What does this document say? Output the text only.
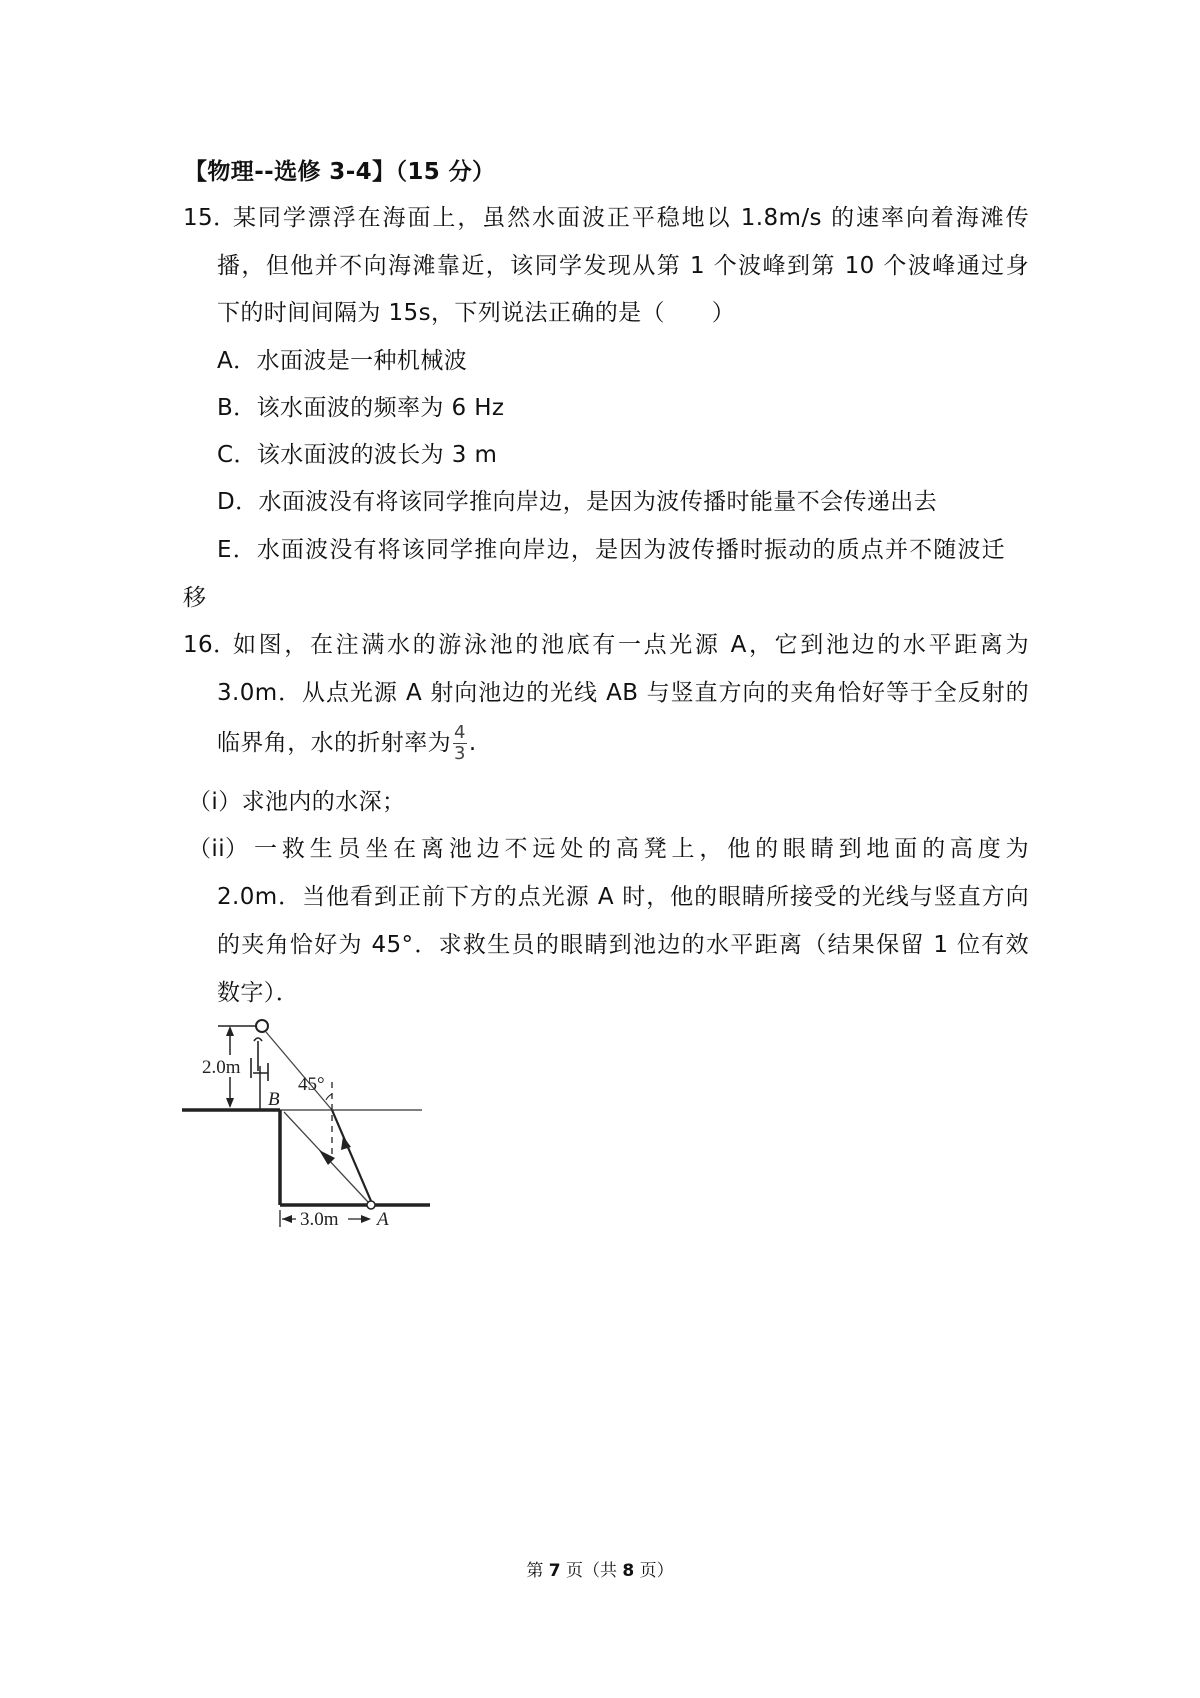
【物理--选修 3-4】（15 分）
15．
某同学漂浮在海面上，虽然水面波正平稳地以 1.8m/s 的速率向着海滩传
播，但他并不向海滩靠近，该同学发现从第 1 个波峰到第 10 个波峰通过身
下的时间间隔为 15s，下列说法正确的是（　　）
A．水面波是一种机械波
B．该水面波的频率为 6 Hz
C．该水面波的波长为 3 m
D．水面波没有将该同学推向岸边，是因为波传播时能量不会传递出去
E．水面波没有将该同学推向岸边，是因为波传播时振动的质点并不随波迁
移
16．
如图，在注满水的游泳池的池底有一点光源 A，它到池边的水平距离为
3.0m．从点光源 A 射向池边的光线 AB 与竖直方向的夹角恰好等于全反射的
临界角，水的折射率为 $\frac{4}{3}$ .
（i）求池内的水深；
（ii） 一救生员坐在离池边不远处的高凳上，他的眼睛到地面的高度为
2.0m．当他看到正前下方的点光源 A 时，他的眼睛所接受的光线与竖直方向
的夹角恰好为 45°．求救生员的眼睛到池边的水平距离（结果保留 1 位有效
数字）．
2.0m
45°
B
A
3.0m
第 7 页（共 8 页）
